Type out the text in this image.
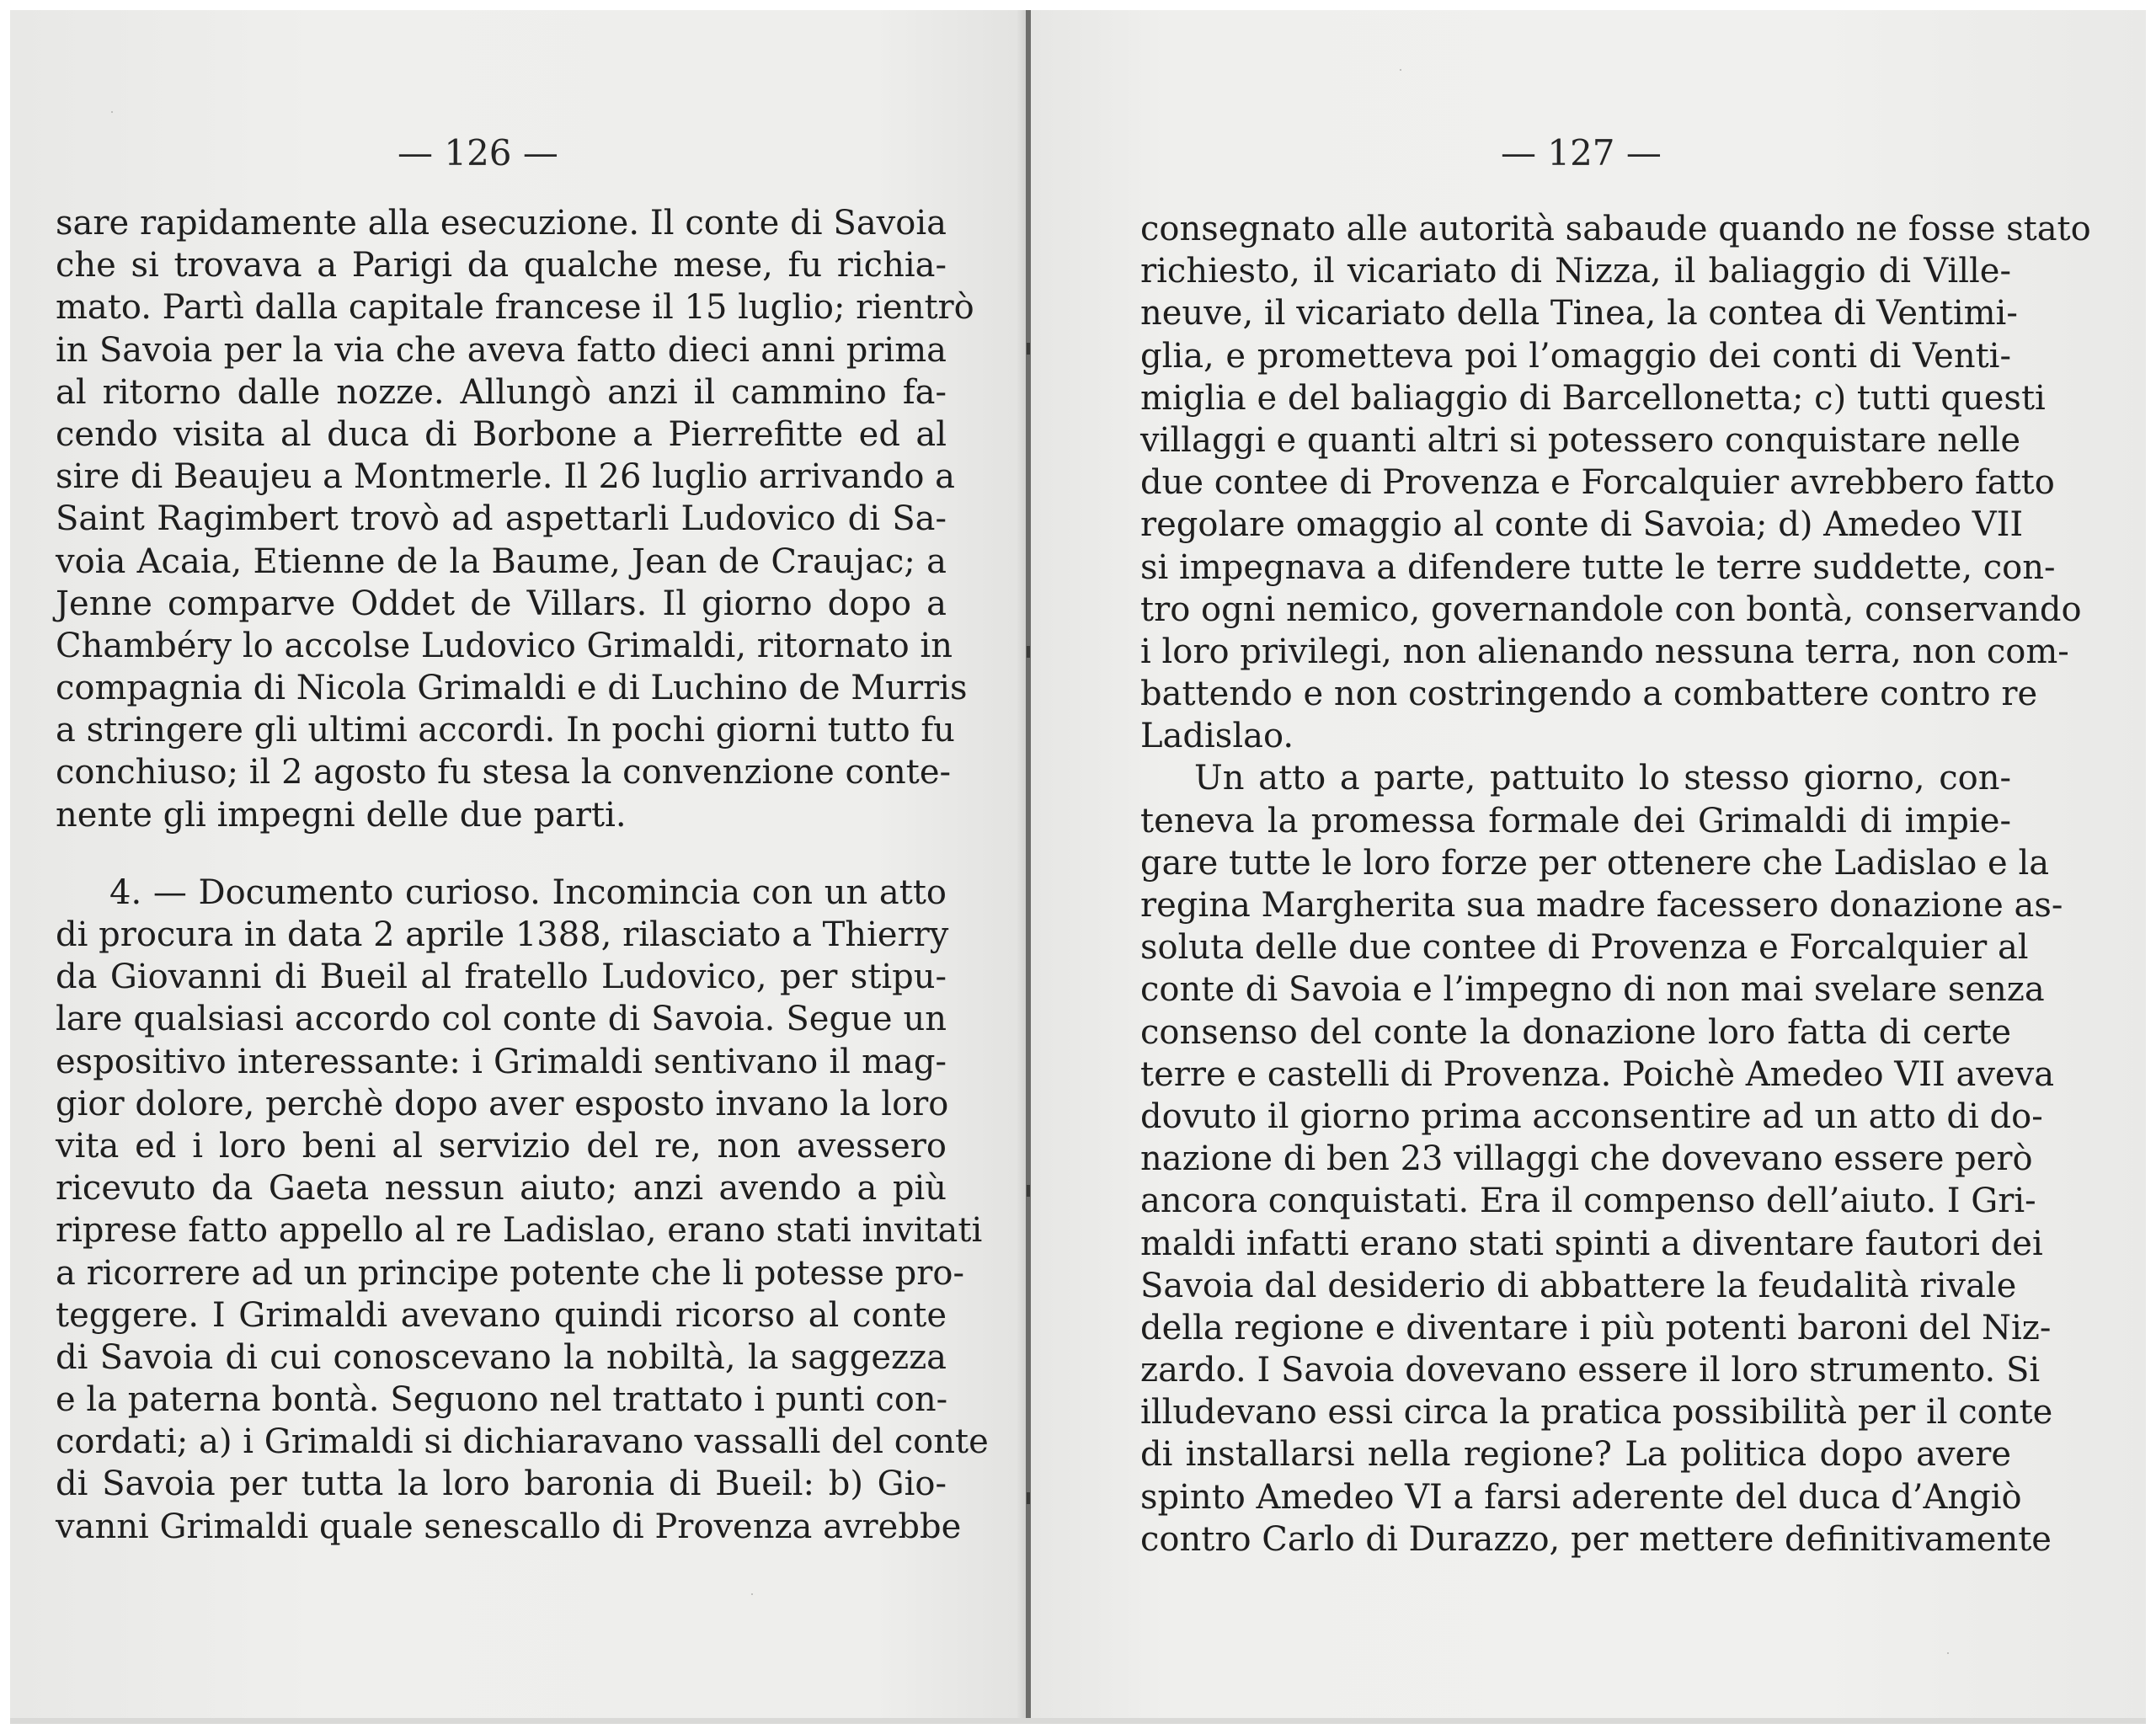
— 126 —
sare rapidamente alla esecuzione. Il conte di Savoia
che si trovava a Parigi da qualche mese, fu richia-
mato. Partì dalla capitale francese il 15 luglio; rientrò
in Savoia per la via che aveva fatto dieci anni prima
al ritorno dalle nozze. Allungò anzi il cammino fa-
cendo visita al duca di Borbone a Pierrefitte ed al
sire di Beaujeu a Montmerle. Il 26 luglio arrivando a
Saint Ragimbert trovò ad aspettarli Ludovico di Sa-
voia Acaia, Etienne de la Baume, Jean de Craujac; a
Jenne comparve Oddet de Villars. Il giorno dopo a
Chambéry lo accolse Ludovico Grimaldi, ritornato in
compagnia di Nicola Grimaldi e di Luchino de Murris
a stringere gli ultimi accordi. In pochi giorni tutto fu
conchiuso; il 2 agosto fu stesa la convenzione conte-
nente gli impegni delle due parti.
4. — Documento curioso. Incomincia con un atto
di procura in data 2 aprile 1388, rilasciato a Thierry
da Giovanni di Bueil al fratello Ludovico, per stipu-
lare qualsiasi accordo col conte di Savoia. Segue un
espositivo interessante: i Grimaldi sentivano il mag-
gior dolore, perchè dopo aver esposto invano la loro
vita ed i loro beni al servizio del re, non avessero
ricevuto da Gaeta nessun aiuto; anzi avendo a più
riprese fatto appello al re Ladislao, erano stati invitati
a ricorrere ad un principe potente che li potesse pro-
teggere. I Grimaldi avevano quindi ricorso al conte
di Savoia di cui conoscevano la nobiltà, la saggezza
e la paterna bontà. Seguono nel trattato i punti con-
cordati; a) i Grimaldi si dichiaravano vassalli del conte
di Savoia per tutta la loro baronia di Bueil: b) Gio-
vanni Grimaldi quale senescallo di Provenza avrebbe
— 127 —
consegnato alle autorità sabaude quando ne fosse stato
richiesto, il vicariato di Nizza, il baliaggio di Ville-
neuve, il vicariato della Tinea, la contea di Ventimi-
glia, e prometteva poi l’omaggio dei conti di Venti-
miglia e del baliaggio di Barcellonetta; c) tutti questi
villaggi e quanti altri si potessero conquistare nelle
due contee di Provenza e Forcalquier avrebbero fatto
regolare omaggio al conte di Savoia; d) Amedeo VII
si impegnava a difendere tutte le terre suddette, con-
tro ogni nemico, governandole con bontà, conservando
i loro privilegi, non alienando nessuna terra, non com-
battendo e non costringendo a combattere contro re
Ladislao.
Un atto a parte, pattuito lo stesso giorno, con-
teneva la promessa formale dei Grimaldi di impie-
gare tutte le loro forze per ottenere che Ladislao e la
regina Margherita sua madre facessero donazione as-
soluta delle due contee di Provenza e Forcalquier al
conte di Savoia e l’impegno di non mai svelare senza
consenso del conte la donazione loro fatta di certe
terre e castelli di Provenza. Poichè Amedeo VII aveva
dovuto il giorno prima acconsentire ad un atto di do-
nazione di ben 23 villaggi che dovevano essere però
ancora conquistati. Era il compenso dell’aiuto. I Gri-
maldi infatti erano stati spinti a diventare fautori dei
Savoia dal desiderio di abbattere la feudalità rivale
della regione e diventare i più potenti baroni del Niz-
zardo. I Savoia dovevano essere il loro strumento. Si
illudevano essi circa la pratica possibilità per il conte
di installarsi nella regione? La politica dopo avere
spinto Amedeo VI a farsi aderente del duca d’Angiò
contro Carlo di Durazzo, per mettere definitivamente
